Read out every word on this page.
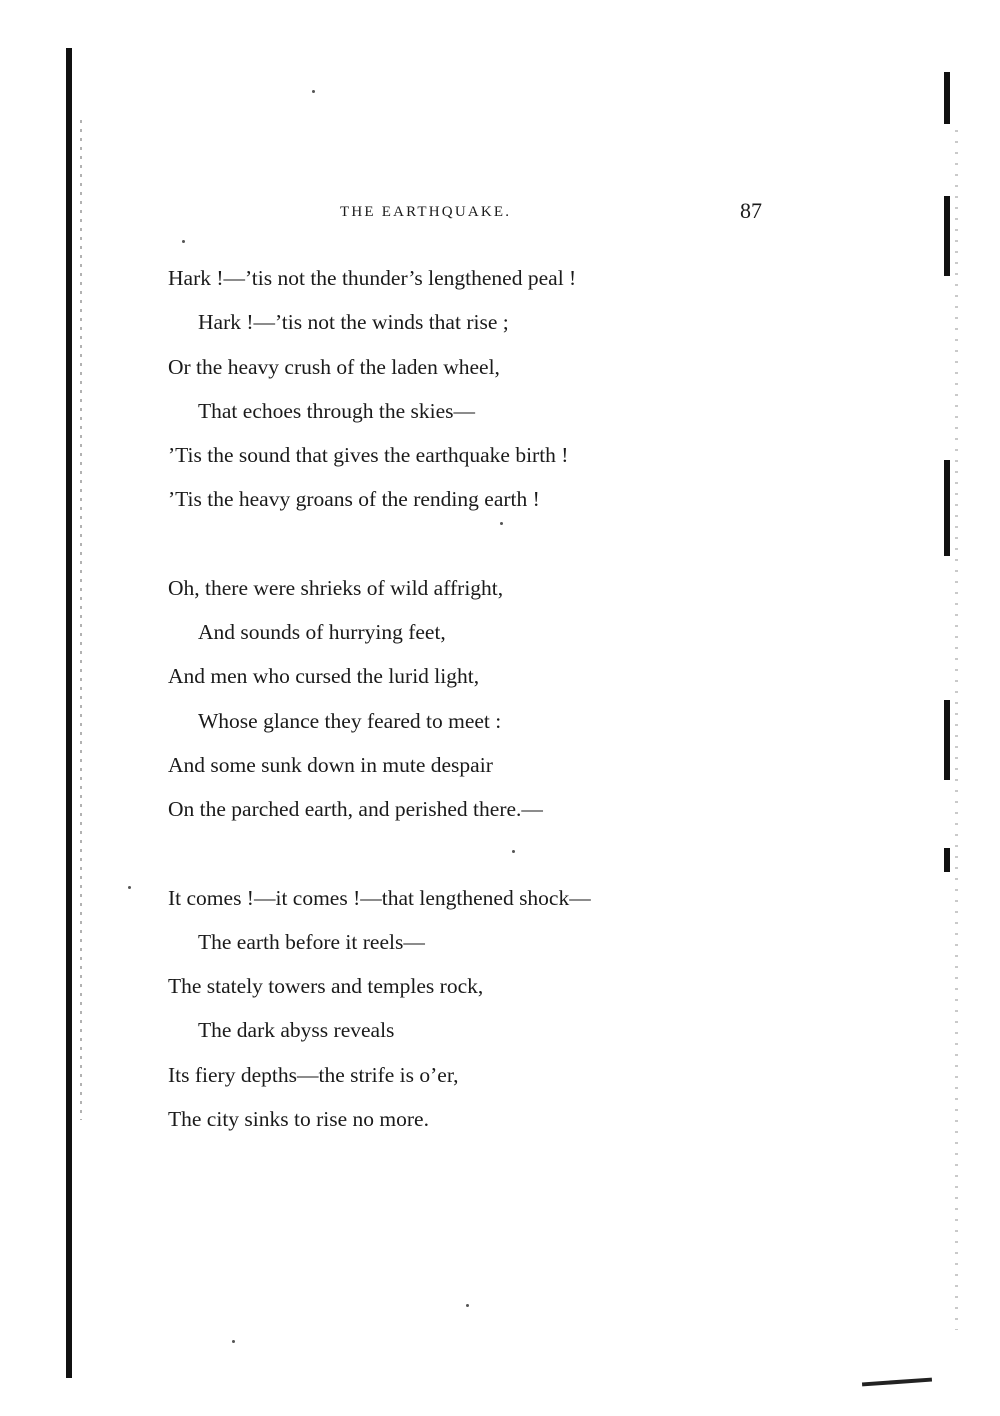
THE EARTHQUAKE.	87
Hark !—’tis not the thunder’s lengthened peal !
Hark !—’tis not the winds that rise ;
Or the heavy crush of the laden wheel,
That echoes through the skies—
’Tis the sound that gives the earthquake birth !
’Tis the heavy groans of the rending earth !
Oh, there were shrieks of wild affright,
And sounds of hurrying feet,
And men who cursed the lurid light,
Whose glance they feared to meet :
And some sunk down in mute despair
On the parched earth, and perished there.—
It comes !—it comes !—that lengthened shock—
The earth before it reels—
The stately towers and temples rock,
The dark abyss reveals
Its fiery depths—the strife is o’er,
The city sinks to rise no more.
